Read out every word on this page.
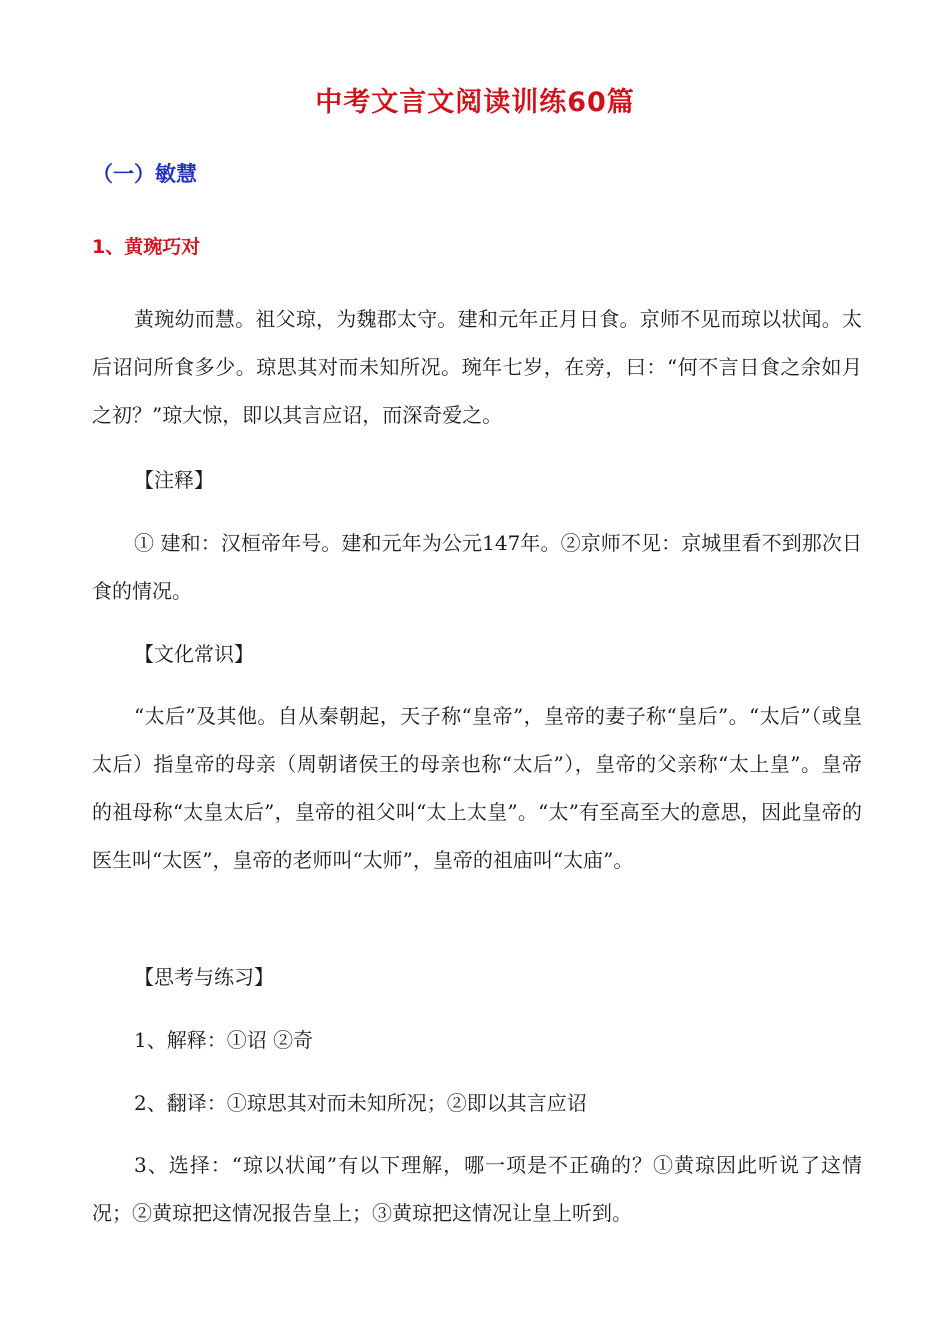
中考文言文阅读训练60篇
（一）敏慧
1、黄琬巧对
黄琬幼而慧。祖父琼，为魏郡太守。建和元年正月日食。京师不见而琼以状闻。太后诏问所食多少。琼思其对而未知所况。琬年七岁，在旁，曰：“何不言日食之余如月之初？”琼大惊，即以其言应诏，而深奇爱之。
【注释】
① 建和：汉桓帝年号。建和元年为公元147年。②京师不见：京城里看不到那次日食的情况。
【文化常识】
“太后”及其他。自从秦朝起，天子称“皇帝”，皇帝的妻子称“皇后”。“太后”（或皇太后）指皇帝的母亲（周朝诸侯王的母亲也称“太后”），皇帝的父亲称“太上皇”。皇帝的祖母称“太皇太后”，皇帝的祖父叫“太上太皇”。“太”有至高至大的意思，因此皇帝的医生叫“太医”，皇帝的老师叫“太师”，皇帝的祖庙叫“太庙”。
【思考与练习】
1、解释：①诏 ②奇
2、翻译：①琼思其对而未知所况；②即以其言应诏
3、选择：“琼以状闻”有以下理解，哪一项是不正确的？①黄琼因此听说了这情况；②黄琼把这情况报告皇上；③黄琼把这情况让皇上听到。
